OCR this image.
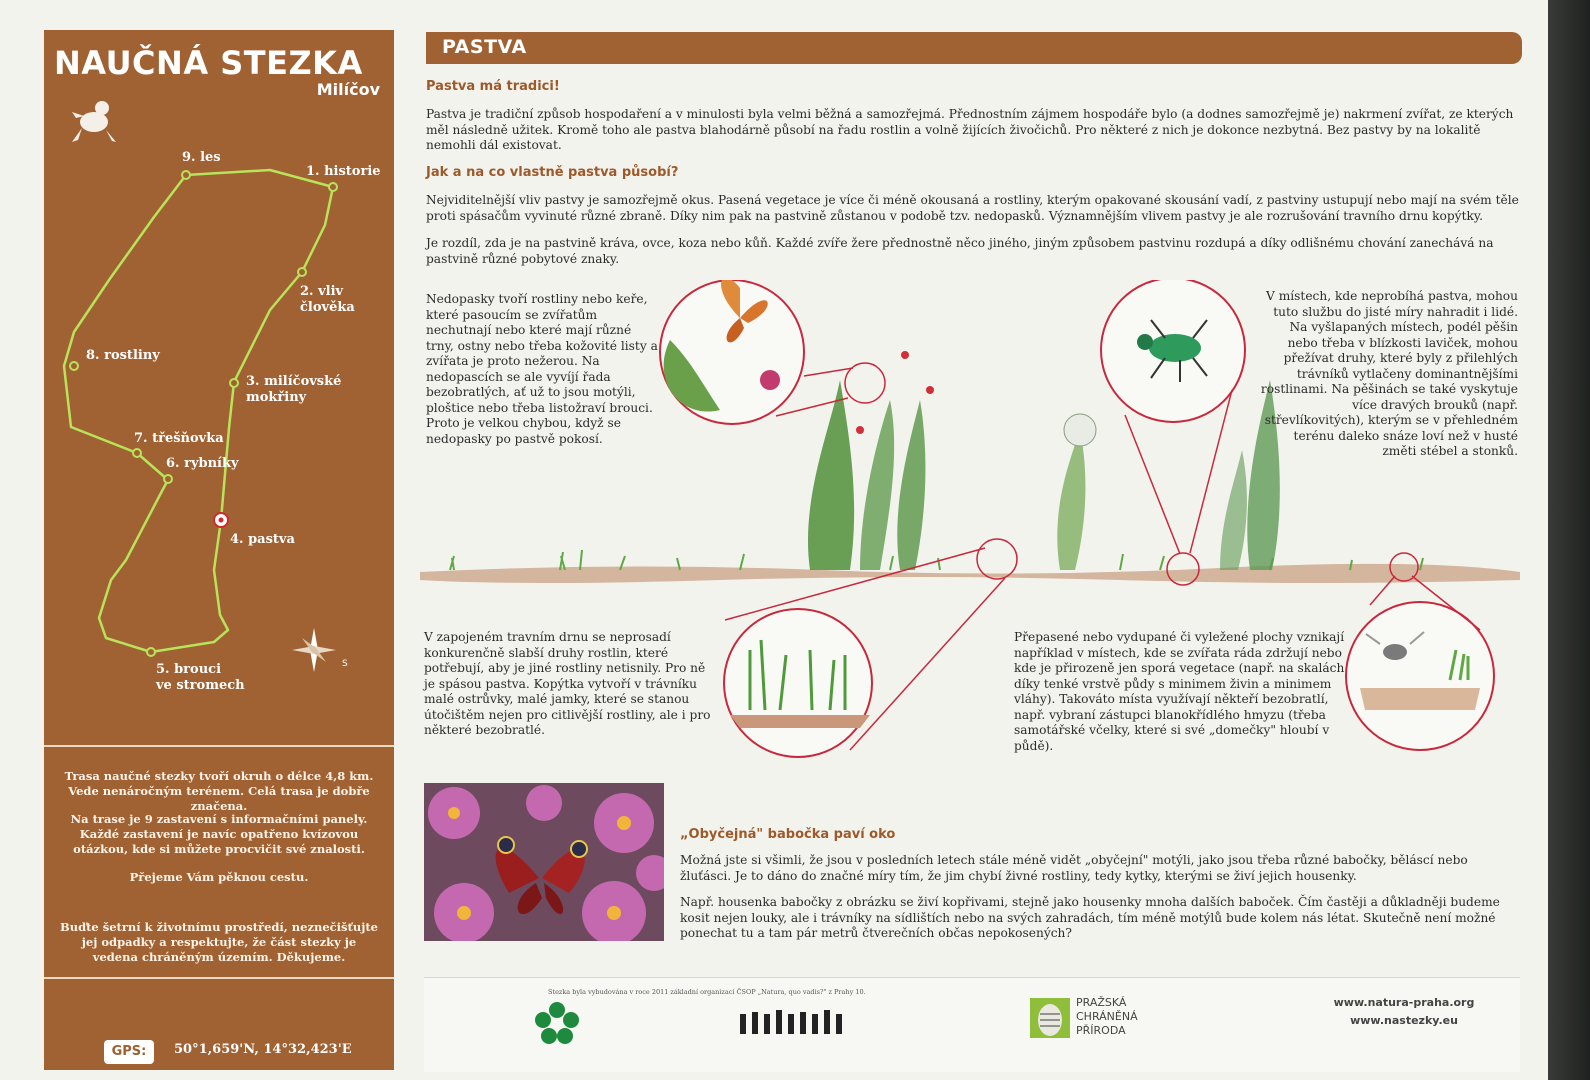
S
NAUČNÁ STEZKA
Milíčov
9. les
1. historie
2. vliv
člověka
8. rostliny
3. milíčovské
mokřiny
7. třešňovka
6. rybníky
4. pastva
5. brouci
ve stromech

Trasa naučné stezky tvoří okruh o délce 4,8 km. Vede nenáročným terénem. Celá trasa je dobře značena.

Na trase je 9 zastavení s informačními panely. Každé zastavení je navíc opatřeno kvízovou otázkou, kde si můžete procvičit své znalosti.

Přejeme Vám pěknou cestu.

Buďte šetrní k životnímu prostředí, neznečišťujte jej odpadky a respektujte, že část stezky je vedena chráněným územím. Děkujeme.

GPS:	50°1,659'N, 14°32,423'E
PASTVA
Pastva má tradici!

Pastva je tradiční způsob hospodaření a v minulosti byla velmi běžná a samozřejmá. Přednostním zájmem hospodáře bylo (a dodnes samozřejmě je) nakrmení zvířat, ze kterých měl následně užitek. Kromě toho ale pastva blahodárně působí na řadu rostlin a volně žijících živočichů. Pro některé z nich je dokonce nezbytná. Bez pastvy by na lokalitě nemohli dál existovat.

Jak a na co vlastně pastva působí?

Nejviditelnější vliv pastvy je samozřejmě okus. Pasená vegetace je více či méně okousaná a rostliny, kterým opakované skousání vadí, z pastviny ustupují nebo mají na svém těle proti spásačům vyvinuté různé zbraně. Díky nim pak na pastvině zůstanou v podobě tzv. nedopasků. Významnějším vlivem pastvy je ale rozrušování travního drnu kopýtky.

Je rozdíl, zda je na pastvině kráva, ovce, koza nebo kůň. Každé zvíře žere přednostně něco jiného, jiným způsobem pastvinu rozdupá a díky odlišnému chování zanechává na pastvině různé pobytové znaky.

Nedopasky tvoří rostliny nebo keře, které pasoucím se zvířatům nechutnají nebo které mají různé trny, ostny nebo třeba kožovité listy a zvířata je proto nežerou. Na nedopascích se ale vyvíjí řada bezobratlých, ať už to jsou motýli, ploštice nebo třeba listožraví brouci. Proto je velkou chybou, když se nedopasky po pastvě pokosí.

V místech, kde neprobíhá pastva, mohou tuto službu do jisté míry nahradit i lidé. Na vyšlapaných místech, podél pěšin nebo třeba v blízkosti laviček, mohou přežívat druhy, které byly z přilehlých trávníků vytlačeny dominantnějšími rostlinami. Na pěšinách se také vyskytuje více dravých brouků (např. střevlíkovitých), kterým se v přehledném terénu daleko snáze loví než v husté změti stébel a stonků.

V zapojeném travním drnu se neprosadí konkurenčně slabší druhy rostlin, které potřebují, aby je jiné rostliny netisnily. Pro ně je spásou pastva. Kopýtka vytvoří v trávníku malé ostrůvky, malé jamky, které se stanou útočištěm nejen pro citlivější rostliny, ale i pro některé bezobratlé.

Přepasené nebo vydupané či vyležené plochy vznikají například v místech, kde se zvířata ráda zdržují nebo kde je přirozeně jen sporá vegetace (např. na skalách díky tenké vrstvě půdy s minimem živin a minimem vláhy). Takováto místa využívají někteří bezobratlí, např. vybraní zástupci blanokřídlého hmyzu (třeba samotářské včelky, které si své „domečky" hloubí v půdě).

„Obyčejná" babočka paví oko

Možná jste si všimli, že jsou v posledních letech stále méně vidět „obyčejní" motýli, jako jsou třeba různé babočky, běláscí nebo žluťásci. Je to dáno do značné míry tím, že jim chybí živné rostliny, tedy kytky, kterými se živí jejich housenky.

Např. housenka babočky z obrázku se živí kopřivami, stejně jako housenky mnoha dalších baboček. Čím častěji a důkladněji budeme kosit nejen louky, ale i trávníky na sídlištích nebo na svých zahradách, tím méně motýlů bude kolem nás létat. Skutečně není možné ponechat tu a tam pár metrů čtverečních občas nepokosených?

Stezka byla vybudována v roce 2011 základní organizací ČSOP „Natura, quo vadis?" z Prahy 10.
PRAŽSKÁ
CHRÁNĚNÁ
PŘÍRODA
www.natura-praha.org
www.nastezky.eu
